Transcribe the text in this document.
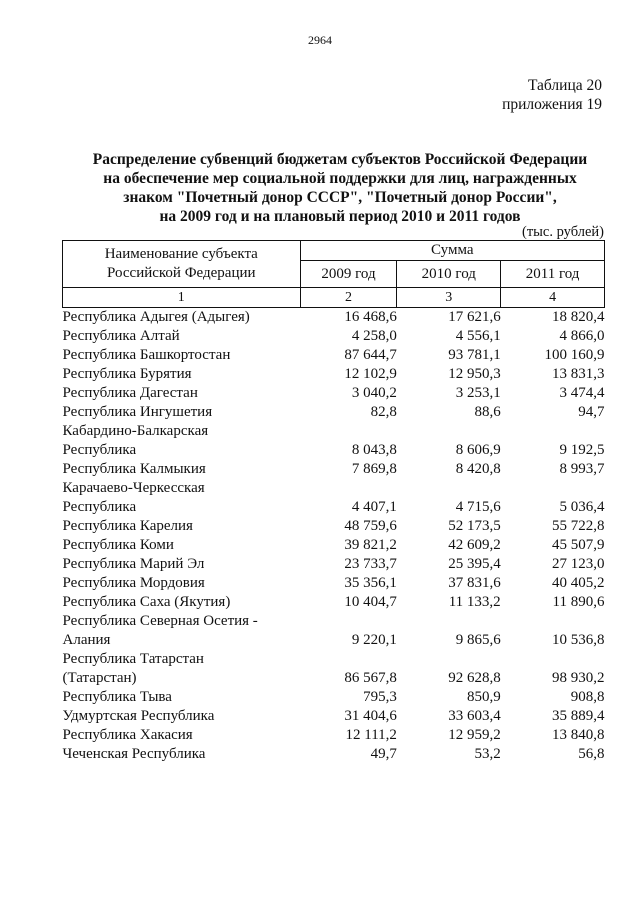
2964
Таблица 20
приложения 19
Распределение субвенций бюджетам субъектов Российской Федерации
на обеспечение мер социальной поддержки для лиц, награжденных
знаком "Почетный донор СССР", "Почетный донор России",
на 2009 год и на плановый период 2010 и 2011 годов
(тыс. рублей)
Наименование субъекта
Российской Федерации	Сумма		
	2009 год	2010 год	2011 год
1	2	3	4

Республика Адыгея (Адыгея)	16 468,6	17 621,6	18 820,4

Республика Алтай	4 258,0	4 556,1	4 866,0

Республика Башкортостан	87 644,7	93 781,1	100 160,9

Республика Бурятия	12 102,9	12 950,3	13 831,3

Республика Дагестан	3 040,2	3 253,1	3 474,4

Республика Ингушетия	82,8	88,6	94,7

Кабардино-Балкарская
Республика	8 043,8	8 606,9	9 192,5

Республика Калмыкия	7 869,8	8 420,8	8 993,7

Карачаево-Черкесская
Республика	4 407,1	4 715,6	5 036,4

Республика Карелия	48 759,6	52 173,5	55 722,8

Республика Коми	39 821,2	42 609,2	45 507,9

Республика Марий Эл	23 733,7	25 395,4	27 123,0

Республика Мордовия	35 356,1	37 831,6	40 405,2

Республика Саха (Якутия)	10 404,7	11 133,2	11 890,6

Республика Северная Осетия -
Алания	9 220,1	9 865,6	10 536,8

Республика Татарстан
(Татарстан)	86 567,8	92 628,8	98 930,2

Республика Тыва	795,3	850,9	908,8

Удмуртская Республика	31 404,6	33 603,4	35 889,4

Республика Хакасия	12 111,2	12 959,2	13 840,8

Чеченская Республика	49,7	53,2	56,8
